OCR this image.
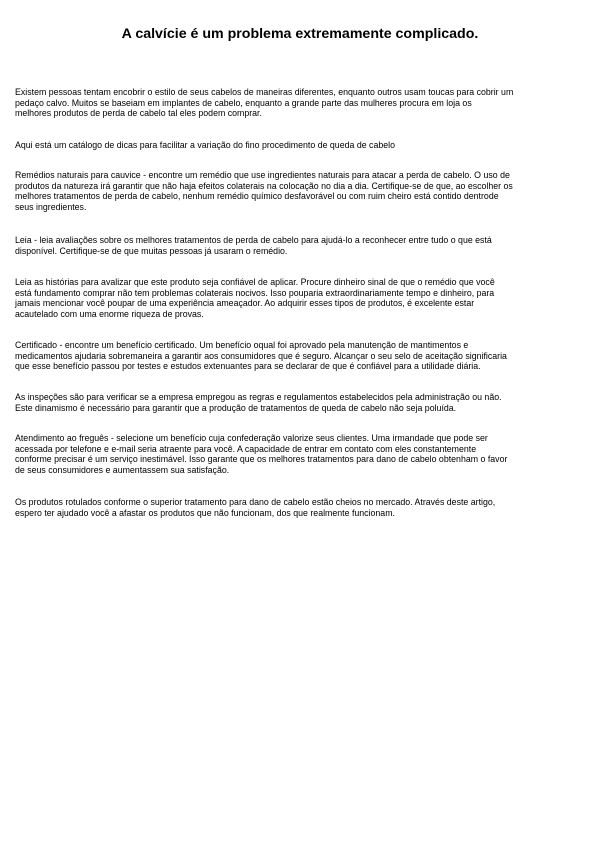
A calvície é um problema extremamente complicado.

Existem pessoas tentam encobrir o estilo de seus cabelos de maneiras diferentes, enquanto outros usam toucas para cobrir um
pedaço calvo. Muitos se baseiam em implantes de cabelo, enquanto a grande parte das mulheres procura em loja os
melhores produtos de perda de cabelo tal eles podem comprar.

Aqui está um catálogo de dicas para facilitar a variação do fino procedimento de queda de cabelo

Remédios naturais para cauvice - encontre um remédio que use ingredientes naturais para atacar a perda de cabelo. O uso de
produtos da natureza irá garantir que não haja efeitos colaterais na colocação no dia a dia. Certifique-se de que, ao escolher os
melhores tratamentos de perda de cabelo, nenhum remédio químico desfavorável ou com ruim cheiro está contido dentrode
seus ingredientes.

Leia - leia avaliações sobre os melhores tratamentos de perda de cabelo para ajudá-lo a reconhecer entre tudo o que está
disponível. Certifique-se de que muitas pessoas já usaram o remédio.

Leia as histórias para avalizar que este produto seja confiável de aplicar. Procure dinheiro sinal de que o remédio que você
está fundamento comprar não tem problemas colaterais nocivos. Isso pouparia extraordinariamente tempo e dinheiro, para
jamais mencionar você poupar de uma experiência ameaçador. Ao adquirir esses tipos de produtos, é excelente estar
acautelado com uma enorme riqueza de provas.

Certificado - encontre um benefício certificado. Um benefício oqual foi aprovado pela manutenção de mantimentos e
medicamentos ajudaria sobremaneira a garantir aos consumidores que é seguro. Alcançar o seu selo de aceitação significaria
que esse benefício passou por testes e estudos extenuantes para se declarar de que é confiável para a utilidade diária.

As inspeções são para verificar se a empresa empregou as regras e regulamentos estabelecidos pela administração ou não.
Este dinamismo é necessário para garantir que a produção de tratamentos de queda de cabelo não seja poluída.

Atendimento ao freguês - selecione um benefício cuja confederação valorize seus clientes. Uma irmandade que pode ser
acessada por telefone e e-mail seria atraente para você. A capacidade de entrar em contato com eles constantemente
conforme precisar é um serviço inestimável. Isso garante que os melhores tratamentos para dano de cabelo obtenham o favor
de seus consumidores e aumentassem sua satisfação.

Os produtos rotulados conforme o superior tratamento para dano de cabelo estão cheios no mercado. Através deste artigo,
espero ter ajudado você a afastar os produtos que não funcionam, dos que realmente funcionam.
